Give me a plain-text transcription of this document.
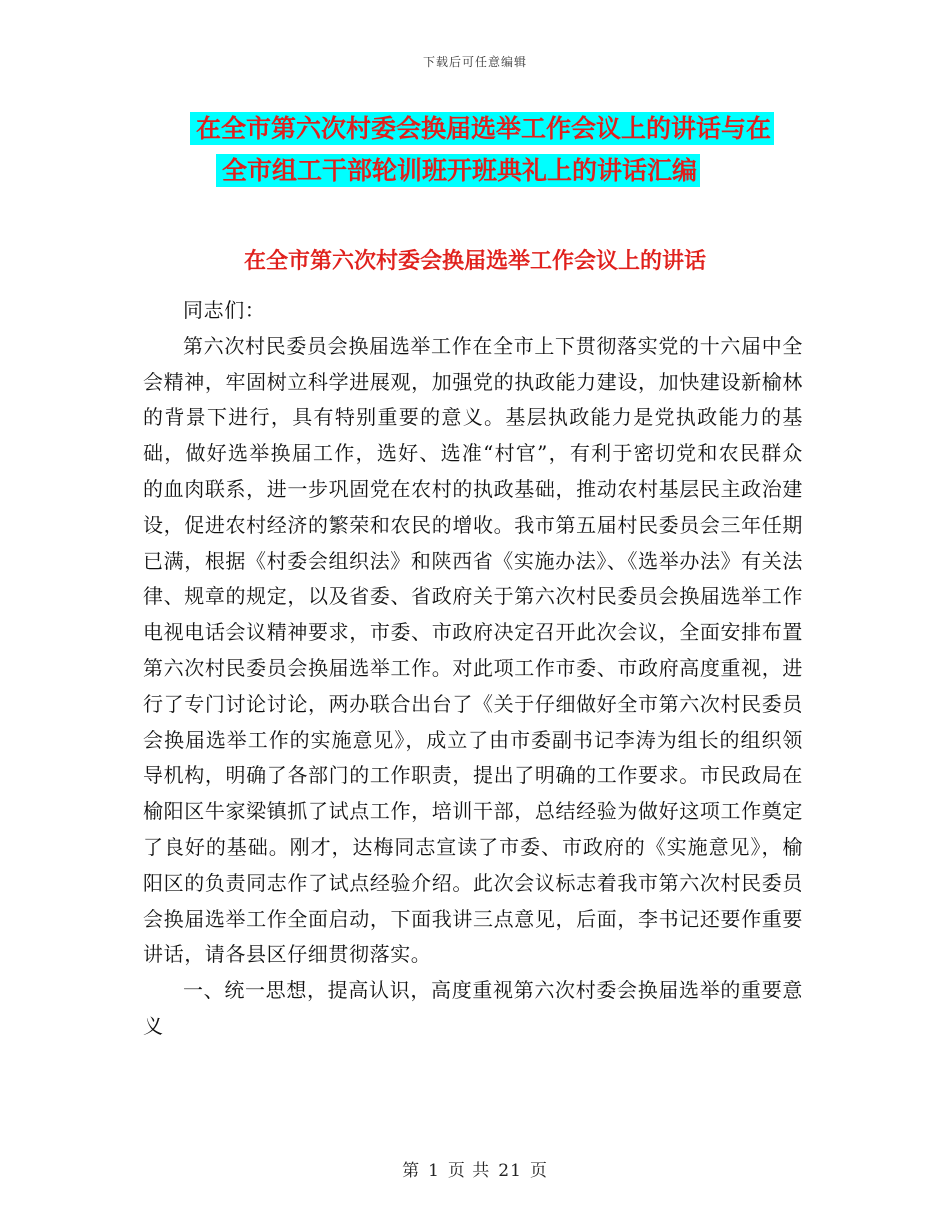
下载后可任意编辑
在全市第六次村委会换届选举工作会议上的讲话与在

全市组工干部轮训班开班典礼上的讲话汇编
在全市第六次村委会换届选举工作会议上的讲话

同志们：

第六次村民委员会换届选举工作在全市上下贯彻落实党的十六届中全会精神，牢固树立科学进展观，加强党的执政能力建设，加快建设新榆林的背景下进行，具有特别重要的意义。基层执政能力是党执政能力的基础，做好选举换届工作，选好、选准“村官”，有利于密切党和农民群众的血肉联系，进一步巩固党在农村的执政基础，推动农村基层民主政治建设，促进农村经济的繁荣和农民的增收。我市第五届村民委员会三年任期已满，根据《村委会组织法》和陕西省《实施办法》、《选举办法》有关法律、规章的规定，以及省委、省政府关于第六次村民委员会换届选举工作电视电话会议精神要求，市委、市政府决定召开此次会议，全面安排布置第六次村民委员会换届选举工作。对此项工作市委、市政府高度重视，进行了专门讨论讨论，两办联合出台了《关于仔细做好全市第六次村民委员会换届选举工作的实施意见》，成立了由市委副书记李涛为组长的组织领导机构，明确了各部门的工作职责，提出了明确的工作要求。市民政局在榆阳区牛家梁镇抓了试点工作，培训干部，总结经验为做好这项工作奠定了良好的基础。刚才，达梅同志宣读了市委、市政府的《实施意见》，榆阳区的负责同志作了试点经验介绍。此次会议标志着我市第六次村民委员会换届选举工作全面启动，下面我讲三点意见，后面，李书记还要作重要讲话，请各县区仔细贯彻落实。

一、统一思想，提高认识，高度重视第六次村委会换届选举的重要意义

第 1 页 共 21 页
